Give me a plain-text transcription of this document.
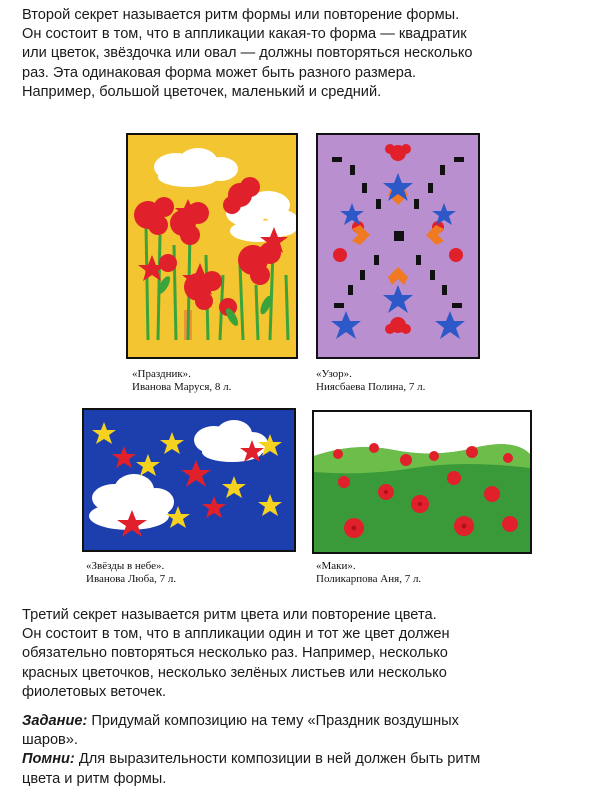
Второй секрет называется ритм формы или повторение формы.
Он состоит в том, что в аппликации какая-то форма — квадратик
или цветок, звёздочка или овал — должны повторяться несколько
раз. Эта одинаковая форма может быть разного размера.
Например, большой цветочек, маленький и средний.
«Праздник».
Иванова Маруся, 8 л.
«Узор».
Ниясбаева Полина, 7 л.
«Звёзды в небе».
Иванова Люба, 7 л.
«Маки».
Поликарпова Аня, 7 л.
Третий секрет называется ритм цвета или повторение цвета.
Он состоит в том, что в аппликации один и тот же цвет должен
обязательно повторяться несколько раз. Например, несколько
красных цветочков, несколько зелёных листьев или несколько
фиолетовых веточек.
Задание: Придумай композицию на тему «Праздник воздушных
шаров».
Помни: Для выразительности композиции в ней должен быть ритм
цвета и ритм формы.
